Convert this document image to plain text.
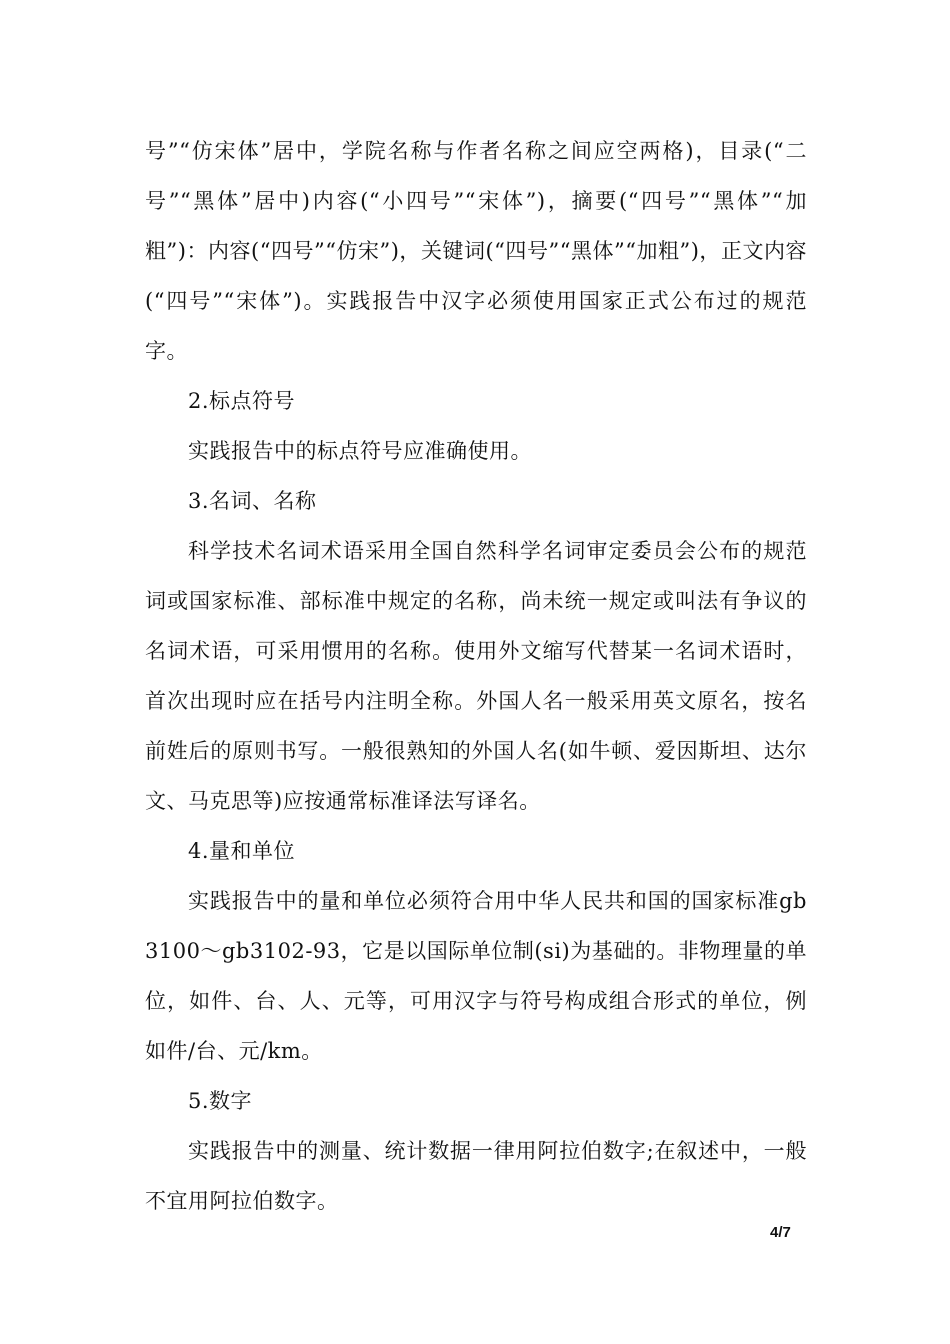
号”“仿宋体”居中，学院名称与作者名称之间应空两格)，目录(“二号”“黑体”居中)内容(“小四号”“宋体”)，摘要(“四号”“黑体”“加粗”)：内容(“四号”“仿宋”)，关键词(“四号”“黑体”“加粗”)，正文内容(“四号”“宋体”)。实践报告中汉字必须使用国家正式公布过的规范字。

2.标点符号

实践报告中的标点符号应准确使用。

3.名词、名称

科学技术名词术语采用全国自然科学名词审定委员会公布的规范词或国家标准、部标准中规定的名称，尚未统一规定或叫法有争议的名词术语，可采用惯用的名称。使用外文缩写代替某一名词术语时，首次出现时应在括号内注明全称。外国人名一般采用英文原名，按名前姓后的原则书写。一般很熟知的外国人名(如牛顿、爱因斯坦、达尔文、马克思等)应按通常标准译法写译名。

4.量和单位

实践报告中的量和单位必须符合用中华人民共和国的国家标准gb3100～gb3102-93，它是以国际单位制(si)为基础的。非物理量的单位，如件、台、人、元等，可用汉字与符号构成组合形式的单位，例如件/台、元/km。

5.数字

实践报告中的测量、统计数据一律用阿拉伯数字;在叙述中，一般不宜用阿拉伯数字。

4/7
